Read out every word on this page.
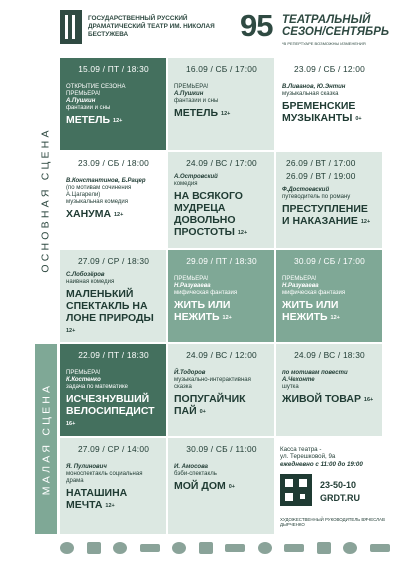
ГОСУДАРСТВЕННЫЙ РУССКИЙ ДРАМАТИЧЕСКИЙ ТЕАТР ИМ. НИКОЛАЯ БЕСТУЖЕВА	95 ТЕАТРАЛЬНЫЙ
СЕЗОН/СЕНТЯБРЬ
*В РЕПЕРТУАРЕ ВОЗМОЖНЫ ИЗМЕНЕНИЯ
ОСНОВНАЯ СЦЕНА
МАЛАЯ СЦЕНА
15.09 / ПТ / 18:30
ОТКРЫТИЕ СЕЗОНА
ПРЕМЬЕРА!
А.Пушкин
фантазии и сны
МЕТЕЛЬ $^{12+}$
16.09 / СБ / 17:00
ПРЕМЬЕРА!
А.Пушкин
фантазии и сны
МЕТЕЛЬ $^{12+}$
23.09 / СБ / 12:00
В.Ливанов, Ю.Энтин
музыкальная сказка
БРЕМЕНСКИЕ МУЗЫКАНТЫ $^{0+}$
23.09 / СБ / 18:00
В.Константинов, Б.Рацер
(по мотивам сочинения А.Цагарели)
музыкальная комедия
ХАНУМА $^{12+}$
24.09 / ВС / 17:00
А.Островский
комедия
НА ВСЯКОГО МУДРЕЦА ДОВОЛЬНО ПРОСТОТЫ $^{12+}$
26.09 / ВТ / 17:00
26.09 / ВТ / 19:00
Ф.Достоевский
путеводитель по роману
ПРЕСТУПЛЕНИЕ И НАКАЗАНИЕ $^{12+}$
27.09 / СР / 18:30
С.Лобозёров
наивная комедия
МАЛЕНЬКИЙ СПЕКТАКЛЬ НА ЛОНЕ ПРИРОДЫ $^{12+}$
29.09 / ПТ / 18:30
ПРЕМЬЕРА!
Н.Разуваева
мифическая фантазия
ЖИТЬ ИЛИ НЕЖИТЬ $^{12+}$
30.09 / СБ / 17:00
ПРЕМЬЕРА!
Н.Разуваева
мифическая фантазия
ЖИТЬ ИЛИ НЕЖИТЬ $^{12+}$
22.09 / ПТ / 18:30
ПРЕМЬЕРА!
К.Костенко
задача по математике
ИСЧЕЗНУВШИЙ ВЕЛОСИПЕДИСТ $^{16+}$
24.09 / ВС / 12:00
Й.Тодоров
музыкально-интерактивная сказка
ПОПУГАЙЧИК ПАЙ $^{0+}$
24.09 / ВС / 18:30
по мотивам повести А.Чехонте
шутка
ЖИВОЙ ТОВАР $^{16+}$
27.09 / СР / 14:00
Я. Пулинович
моноспектакль социальная драма
НАТАШИНА МЕЧТА $^{12+}$
30.09 / СБ / 11:00
И. Амосова
бэби-спектакль
МОЙ ДОМ $^{0+}$
Касса театра -
ул. Терешковой, 9а
ежедневно с 11:00 до 19:00
23-50-10
GRDT.RU
ХУДОЖЕСТВЕННЫЙ РУКОВОДИТЕЛЬ ВЯЧЕСЛАВ ДЫРЧЕНКО
